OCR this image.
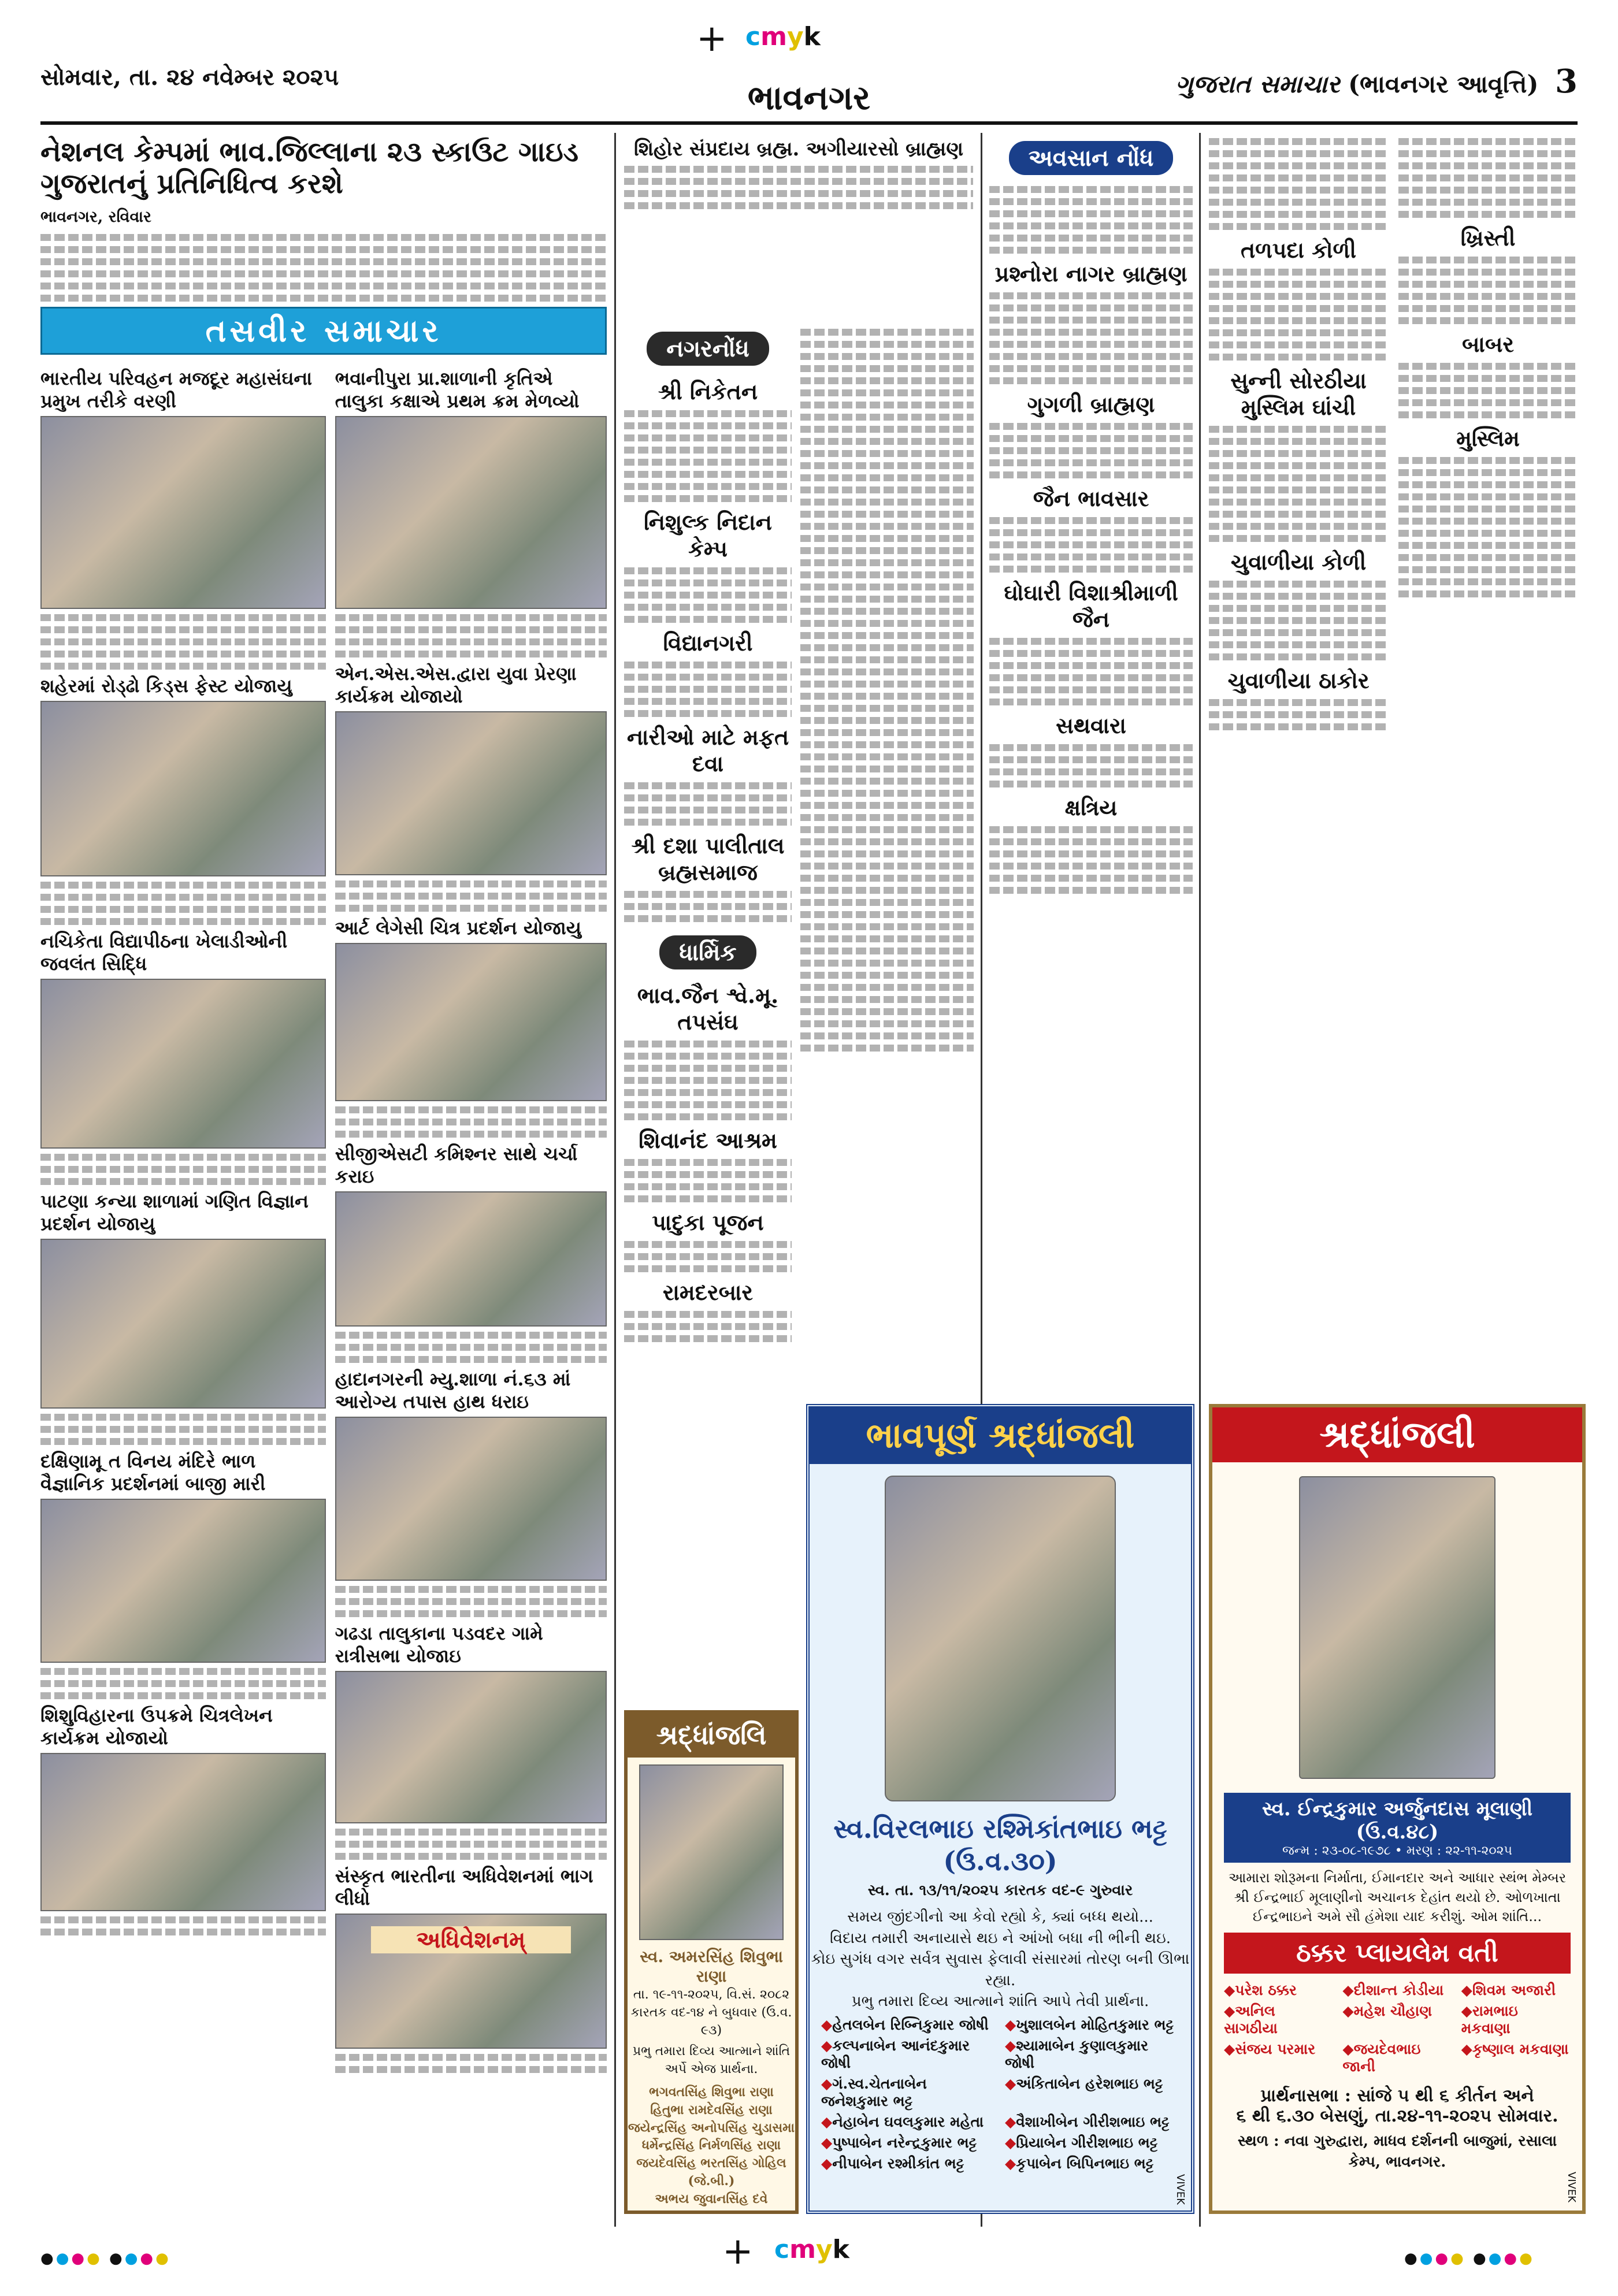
+ cmyk
+ cmyk
સોમવાર, તા. ૨૪ નવેમ્બર ૨૦૨૫
ભાવનગર	ગુજરાત સમાચાર (ભાવનગર આવૃત્તિ) 3
નેશનલ કેમ્પમાં ભાવ.જિલ્લાના ૨૩ સ્કાઉટ ગાઇડ ગુજરાતનું પ્રતિનિધિત્વ કરશે
ભાવનગર, રવિવાર
તસવીર સમાચાર
ભારતીય પરિવહન મજદૂર મહાસંઘના પ્રમુખ તરીકે વરણી
શહેરમાં રોડ્ઢો કિડ્સ ફેસ્ટ યોજાયુ
નચિકેતા વિદ્યાપીઠના ખેલાડીઓની જવલંત સિદ્ધિ
પાટણા કન્યા શાળામાં ગણિત વિજ્ઞાન પ્રદર્શન યોજાયુ
દક્ષિણામૂ ત વિનય મંદિરે ભાળ વૈજ્ઞાનિક પ્રદર્શનમાં બાજી મારી
શિશુવિહારના ઉપક્રમે ચિત્રલેખન કાર્યક્રમ યોજાયો
ભવાનીપુરા પ્રા.શાળાની કૃતિએ તાલુકા કક્ષાએ પ્રથમ ક્રમ મેળવ્યો
એન.એસ.એસ.દ્વારા યુવા પ્રેરણા કાર્યક્રમ યોજાયો
આર્ટ લેગેસી ચિત્ર પ્રદર્શન યોજાયુ
સીજીએસટી કમિશ્નર સાથે ચર્ચા કરાઇ
હાદાનગરની મ્યુ.શાળા નં.૬૩ માં આરોગ્ય તપાસ હાથ ધરાઇ
ગઢડા તાલુકાના પડવદર ગામે રાત્રીસભા યોજાઇ
સંસ્કૃત ભારતીના અધિવેશનમાં ભાગ લીધો
અધિવેશનમ્
શિહોર સંપ્રદાય બ્રહ્મ. અગીયારસો બ્રાહ્મણ
નગરનોંધ
શ્રી નિકેતન
નિશુલ્ક નિદાન કેમ્પ
વિદ્યાનગરી
નારીઓ માટે મફત દવા
શ્રી દશા પાલીતાલ બ્રહ્મસમાજ
ધાર્મિક
ભાવ.જૈન શ્વે.મૂ. તપસંઘ
શિવાનંદ આશ્રમ
પાદુકા પૂજન
રામદરબાર
અવસાન નોંધ
પ્રશ્નોરા નાગર બ્રાહ્મણ
ગુગળી બ્રાહ્મણ
જૈન ભાવસાર
ઘોઘારી વિશાશ્રીમાળી જૈન
સથવારા
ક્ષત્રિય
તળપદા કોળી
સુન્ની સોરઠીયા મુસ્લિમ ઘાંચી
ચુવાળીયા કોળી
ચુવાળીયા ઠાકોર
ખ્રિસ્તી
બાબર
મુસ્લિમ
શ્રદ્ધાંજલિ
સ્વ. અમરસિંહ શિવુભા રાણા
તા. ૧૯-૧૧-૨૦૨૫, વિ.સં. ૨૦૮૨ કારતક વદ-૧૪ ને બુધવાર (ઉ.વ. ૯૩)
પ્રભુ તમારા દિવ્ય આત્માને શાંતિ અર્પે એજ પ્રાર્થના.
ભગવતસિંહ શિવુભા રાણા
હિતુભા રામદેવસિંહ રાણા
જયેન્દ્રસિંહ અનોપસિંહ ચુડાસમા
ધર્મેન્દ્રસિંહ નિર્મળસિંહ રાણા
જયદેવસિંહ ભરતસિંહ ગોહિલ (જે.બી.)
અભય જુવાનસિંહ દવે
ભાવપૂર્ણ શ્રદ્ધાંજલી
સ્વ.વિરલભાઇ રશ્મિકાંતભાઇ ભટ્ટ (ઉ.વ.૩૦)
સ્વ. તા. ૧૩/૧૧/૨૦૨૫ કારતક વદ-૯ ગુરુવાર
સમય જીંદગીનો આ કેવો રહ્યો કે, ક્યાં બધ્ધ થયો...
વિદાય તમારી અનાયાસે થઇ ને આંખો બધા ની ભીની થઇ.
કોઇ સુગંધ વગર સર્વત્ર સુવાસ ફેલાવી સંસારમાં તોરણ બની ઊભા રહ્યા.
પ્રભુ તમારા દિવ્ય આત્માને શાંતિ આપે તેવી પ્રાર્થના.
◆ હેતલબેન રિબ્નિકુમાર જોષી	◆ ખુશાલબેન મોહિતકુમાર ભટ્ટ
◆ કલ્પનાબેન આનંદકુમાર જોષી
◆ શ્યામાબેન કુણાલકુમાર જોષી
◆ ગં.સ્વ.ચેતનાબેન જનેશકુમાર ભટ્ટ
◆ અંકિતાબેન હરેશભાઇ ભટ્ટ
◆ નેહાબેન ઘવલકુમાર મહેતા	◆ વૈશાખીબેન ગીરીશભાઇ ભટ્ટ
◆ પુષ્પાબેન નરેન્દ્રકુમાર ભટ્ટ	◆ પ્રિયાબેન ગીરીશભાઇ ભટ્ટ
◆ નીપાબેન રશ્મીકાંત ભટ્ટ	◆ કૃપાબેન બિપિનભાઇ ભટ્ટ
VIVEK
શ્રદ્ધાંજલી
સ્વ. ઈન્દ્રકુમાર અર્જુનદાસ મૂલાણી (ઉ.વ.૪૮)
જન્મ : ૨૩-૦૮-૧૯૭૮ • મરણ : ૨૨-૧૧-૨૦૨૫
આમારા શોરૂમના નિર્માતા, ઈમાનદાર અને આધાર સ્થંભ મેમ્બર શ્રી ઈન્દ્રભાઈ મૂલાણીનો અચાનક દેહાંત થયો છે. ઓળખાતા ઈન્દ્રભાઇને અમે સૌ હંમેશા યાદ કરીશું. ઓમ શાંતિ...
ઠક્કર પ્લાયલેમ વતી
◆ પરેશ ઠક્કર	◆ દીશાન્ત કોડીયા	◆ શિવમ અજારી
◆ અનિલ સાગઠીયા
◆ મહેશ ચૌહાણ	◆ રામભાઇ મકવાણા
◆ સંજય પરમાર	◆ જયદેવભાઇ જાની
◆ કૃષ્ણાલ મકવાણા
પ્રાર્થનાસભા : સાંજે ૫ થી ૬ કીર્તન અને
૬ થી ૬.૩૦ બેસણું, તા.૨૪-૧૧-૨૦૨૫ સોમવાર.
સ્થળ : નવા ગુરુદ્વારા, માધવ દર્શનની બાજુમાં, રસાલા કેમ્પ, ભાવનગર.
VIVEK
●●●● ●●●●	●●●● ●●●●
